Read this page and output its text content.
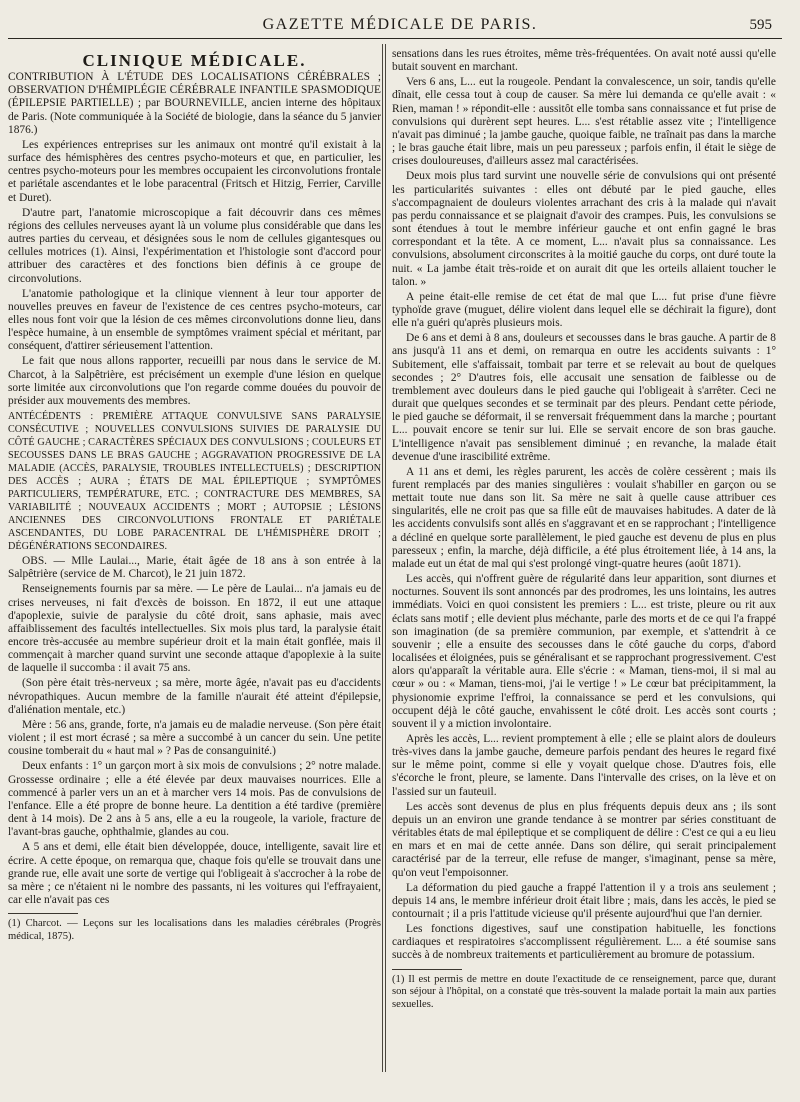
GAZETTE MÉDICALE DE PARIS.	595
CLINIQUE MÉDICALE.

CONTRIBUTION À L'ÉTUDE DES LOCALISATIONS CÉRÉBRALES ; OBSERVATION D'HÉMIPLÉGIE CÉRÉBRALE INFANTILE SPASMODIQUE (ÉPILEPSIE PARTIELLE) ; par BOURNEVILLE, ancien interne des hôpitaux de Paris. (Note communiquée à la Société de biologie, dans la séance du 5 janvier 1876.)

Les expériences entreprises sur les animaux ont montré qu'il existait à la surface des hémisphères des centres psycho-moteurs et que, en particulier, les centres psycho-moteurs pour les membres occupaient les circonvolutions frontale et pariétale ascendantes et le lobe paracentral (Fritsch et Hitzig, Ferrier, Carville et Duret).

D'autre part, l'anatomie microscopique a fait découvrir dans ces mêmes régions des cellules nerveuses ayant là un volume plus considérable que dans les autres parties du cerveau, et désignées sous le nom de cellules gigantesques ou cellules motrices (1). Ainsi, l'expérimentation et l'histologie sont d'accord pour attribuer des caractères et des fonctions bien définis à ce groupe de circonvolutions.

L'anatomie pathologique et la clinique viennent à leur tour apporter de nouvelles preuves en faveur de l'existence de ces centres psycho-moteurs, car elles nous font voir que la lésion de ces mêmes circonvolutions donne lieu, dans l'espèce humaine, à un ensemble de symptômes vraiment spécial et méritant, par conséquent, d'attirer sérieusement l'attention.

Le fait que nous allons rapporter, recueilli par nous dans le service de M. Charcot, à la Salpêtrière, est précisément un exemple d'une lésion en quelque sorte limitée aux circonvolutions que l'on regarde comme douées du pouvoir de présider aux mouvements des membres.

ANTÉCÉDENTS : PREMIÈRE ATTAQUE CONVULSIVE SANS PARALYSIE CONSÉCUTIVE ; NOUVELLES CONVULSIONS SUIVIES DE PARALYSIE DU CÔTÉ GAUCHE ; CARACTÈRES SPÉCIAUX DES CONVULSIONS ; COULEURS ET SECOUSSES DANS LE BRAS GAUCHE ; AGGRAVATION PROGRESSIVE DE LA MALADIE (ACCÈS, PARALYSIE, TROUBLES INTELLECTUELS) ; DESCRIPTION DES ACCÈS ; AURA ; ÉTATS DE MAL ÉPILEPTIQUE ; SYMPTÔMES PARTICULIERS, TEMPÉRATURE, ETC. ; CONTRACTURE DES MEMBRES, SA VARIABILITÉ ; NOUVEAUX ACCIDENTS ; MORT ; AUTOPSIE ; LÉSIONS ANCIENNES DES CIRCONVOLUTIONS FRONTALE ET PARIÉTALE ASCENDANTES, DU LOBE PARACENTRAL DE L'HÉMISPHÈRE DROIT ; DÉGÉNÉRATIONS SECONDAIRES.

OBS. — Mlle Laulai..., Marie, était âgée de 18 ans à son entrée à la Salpêtrière (service de M. Charcot), le 21 juin 1872.

Renseignements fournis par sa mère. — Le père de Laulai... n'a jamais eu de crises nerveuses, ni fait d'excès de boisson. En 1872, il eut une attaque d'apoplexie, suivie de paralysie du côté droit, sans aphasie, mais avec affaiblissement des facultés intellectuelles. Six mois plus tard, la paralysie était encore très-accusée au membre supérieur droit et la main était gonflée, mais il commençait à marcher quand survint une seconde attaque d'apoplexie à la suite de laquelle il succomba : il avait 75 ans.

(Son père était très-nerveux ; sa mère, morte âgée, n'avait pas eu d'accidents névropathiques. Aucun membre de la famille n'aurait été atteint d'épilepsie, d'aliénation mentale, etc.)

Mère : 56 ans, grande, forte, n'a jamais eu de maladie nerveuse. (Son père était violent ; il est mort écrasé ; sa mère a succombé à un cancer du sein. Une petite cousine tomberait du « haut mal » ? Pas de consanguinité.)

Deux enfants : 1° un garçon mort à six mois de convulsions ; 2° notre malade. Grossesse ordinaire ; elle a été élevée par deux mauvaises nourrices. Elle a commencé à parler vers un an et à marcher vers 14 mois. Pas de convulsions de l'enfance. Elle a été propre de bonne heure. La dentition a été tardive (première dent à 14 mois). De 2 ans à 5 ans, elle a eu la rougeole, la variole, fracture de l'avant-bras gauche, ophthalmie, glandes au cou.

A 5 ans et demi, elle était bien développée, douce, intelligente, savait lire et écrire. A cette époque, on remarqua que, chaque fois qu'elle se trouvait dans une grande rue, elle avait une sorte de vertige qui l'obligeait à s'accrocher à la robe de sa mère ; ce n'étaient ni le nombre des passants, ni les voitures qui l'effrayaient, car elle n'avait pas ces

(1) Charcot. — Leçons sur les localisations dans les maladies cérébrales (Progrès médical, 1875).

sensations dans les rues étroites, même très-fréquentées. On avait noté aussi qu'elle butait souvent en marchant.

Vers 6 ans, L... eut la rougeole. Pendant la convalescence, un soir, tandis qu'elle dînait, elle cessa tout à coup de causer. Sa mère lui demanda ce qu'elle avait : « Rien, maman ! » répondit-elle : aussitôt elle tomba sans connaissance et fut prise de convulsions qui durèrent sept heures. L... s'est rétablie assez vite ; l'intelligence n'avait pas diminué ; la jambe gauche, quoique faible, ne traînait pas dans la marche ; le bras gauche était libre, mais un peu paresseux ; parfois enfin, il était le siège de crises douloureuses, d'ailleurs assez mal caractérisées.

Deux mois plus tard survint une nouvelle série de convulsions qui ont présenté les particularités suivantes : elles ont débuté par le pied gauche, elles s'accompagnaient de douleurs violentes arrachant des cris à la malade qui n'avait pas perdu connaissance et se plaignait d'avoir des crampes. Puis, les convulsions se sont étendues à tout le membre inférieur gauche et ont enfin gagné le bras correspondant et la tête. A ce moment, L... n'avait plus sa connaissance. Les convulsions, absolument circonscrites à la moitié gauche du corps, ont duré toute la nuit. « La jambe était très-roide et on aurait dit que les orteils allaient toucher le talon. »

A peine était-elle remise de cet état de mal que L... fut prise d'une fièvre typhoïde grave (muguet, délire violent dans lequel elle se déchirait la figure), dont elle n'a guéri qu'après plusieurs mois.

De 6 ans et demi à 8 ans, douleurs et secousses dans le bras gauche. A partir de 8 ans jusqu'à 11 ans et demi, on remarqua en outre les accidents suivants : 1° Subitement, elle s'affaissait, tombait par terre et se relevait au bout de quelques secondes ; 2° D'autres fois, elle accusait une sensation de faiblesse ou de tremblement avec douleurs dans le pied gauche qui l'obligeait à s'arrêter. Ceci ne durait que quelques secondes et se terminait par des pleurs. Pendant cette période, le pied gauche se déformait, il se renversait fréquemment dans la marche ; pourtant L... pouvait encore se tenir sur lui. Elle se servait encore de son bras gauche. L'intelligence n'avait pas sensiblement diminué ; en revanche, la malade était devenue d'une irascibilité extrême.

A 11 ans et demi, les règles parurent, les accès de colère cessèrent ; mais ils furent remplacés par des manies singulières : voulait s'habiller en garçon ou se mettait toute nue dans son lit. Sa mère ne sait à quelle cause attribuer ces singularités, elle ne croit pas que sa fille eût de mauvaises habitudes. A dater de là les accidents convulsifs sont allés en s'aggravant et en se rapprochant ; l'intelligence a décliné en quelque sorte parallèlement, le pied gauche est devenu de plus en plus paresseux ; enfin, la marche, déjà difficile, a été plus étroitement liée, à 14 ans, la malade eut un état de mal qui s'est prolongé vingt-quatre heures (août 1871).

Les accès, qui n'offrent guère de régularité dans leur apparition, sont diurnes et nocturnes. Souvent ils sont annoncés par des prodromes, les uns lointains, les autres immédiats. Voici en quoi consistent les premiers : L... est triste, pleure ou rit aux éclats sans motif ; elle devient plus méchante, parle des morts et de ce qui l'a frappé son imagination (de sa première communion, par exemple, et s'attendrit à ce souvenir ; elle a ensuite des secousses dans le côté gauche du corps, d'abord localisées et éloignées, puis se généralisant et se rapprochant progressivement. C'est alors qu'apparaît la véritable aura. Elle s'écrie : « Maman, tiens-moi, il si mal au cœur » ou : « Maman, tiens-moi, j'ai le vertige ! » Le cœur bat précipitamment, la physionomie exprime l'effroi, la connaissance se perd et les convulsions, qui occupent déjà le côté gauche, envahissent le côté droit. Les accès sont courts ; souvent il y a miction involontaire.

Après les accès, L... revient promptement à elle ; elle se plaint alors de douleurs très-vives dans la jambe gauche, demeure parfois pendant des heures le regard fixé sur le même point, comme si elle y voyait quelque chose. D'autres fois, elle s'écorche le front, pleure, se lamente. Dans l'intervalle des crises, on la lève et on l'assied sur un fauteuil.

Les accès sont devenus de plus en plus fréquents depuis deux ans ; ils sont depuis un an environ une grande tendance à se montrer par séries constituant de véritables états de mal épileptique et se compliquent de délire : C'est ce qui a eu lieu en mars et en mai de cette année. Dans son délire, qui serait principalement caractérisé par de la terreur, elle refuse de manger, s'imaginant, pense sa mère, qu'on veut l'empoisonner.

La déformation du pied gauche a frappé l'attention il y a trois ans seulement ; depuis 14 ans, le membre inférieur droit était libre ; mais, dans les accès, le pied se contournait ; il a pris l'attitude vicieuse qu'il présente aujourd'hui que l'an dernier.

Les fonctions digestives, sauf une constipation habituelle, les fonctions cardiaques et respiratoires s'accomplissent régulièrement. L... a été soumise sans succès à de nombreux traitements et particulièrement au bromure de potassium.

(1) Il est permis de mettre en doute l'exactitude de ce renseignement, parce que, durant son séjour à l'hôpital, on a constaté que très-souvent la malade portait la main aux parties sexuelles.
